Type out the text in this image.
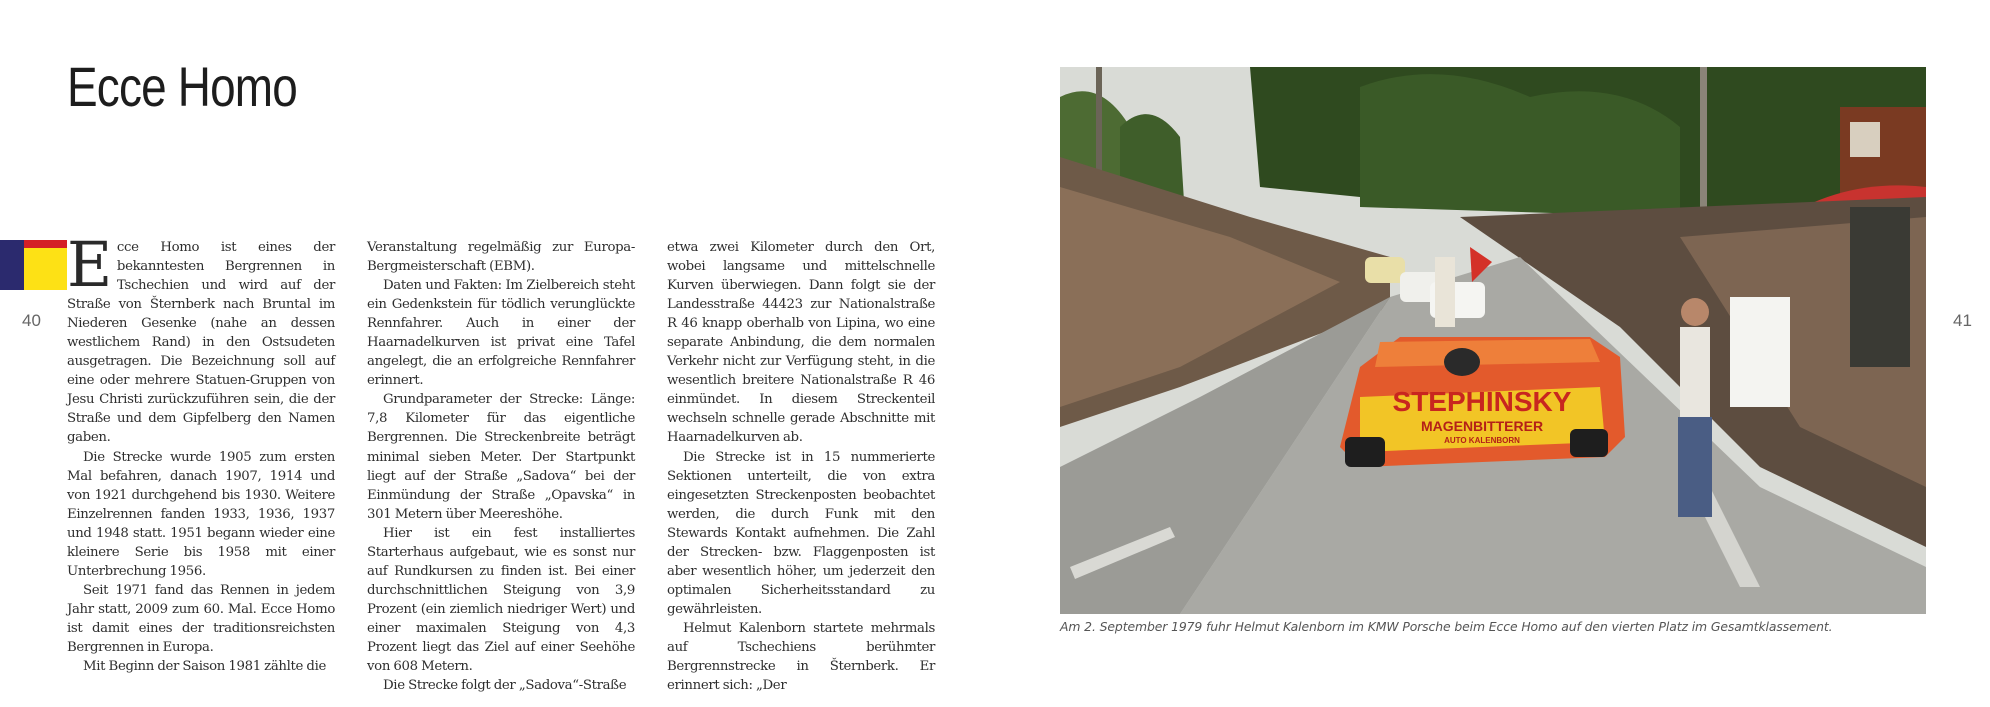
Ecce Homo
40	41

Ecce Homo ist eines der bekanntesten Bergrennen in Tschechien und wird auf der Straße von Šternberk nach Bruntal im Niederen Gesenke (nahe an dessen westlichem Rand) in den Ostsudeten ausgetragen. Die Bezeichnung soll auf eine oder mehrere Statuen-Gruppen von Jesu Christi zurückzuführen sein, die der Straße und dem Gipfelberg den Namen gaben.

Die Strecke wurde 1905 zum ersten Mal befahren, danach 1907, 1914 und von 1921 durchgehend bis 1930. Weitere Einzelrennen fanden 1933, 1936, 1937 und 1948 statt. 1951 begann wieder eine kleinere Serie bis 1958 mit einer Unterbrechung 1956.

Seit 1971 fand das Rennen in jedem Jahr statt, 2009 zum 60. Mal. Ecce Homo ist damit eines der traditionsreichsten Bergrennen in Europa.

Mit Beginn der Saison 1981 zählte die

Veranstaltung regelmäßig zur Europa-Bergmeisterschaft (EBM).

Daten und Fakten: Im Zielbereich steht ein Gedenkstein für tödlich verunglückte Rennfahrer. Auch in einer der Haarnadelkurven ist privat eine Tafel angelegt, die an erfolgreiche Rennfahrer erinnert.

Grundparameter der Strecke: Länge: 7,8 Kilometer für das eigentliche Bergrennen. Die Streckenbreite beträgt minimal sieben Meter. Der Startpunkt liegt auf der Straße „Sadova“ bei der Einmündung der Straße „Opavska“ in 301 Metern über Meereshöhe.

Hier ist ein fest installiertes Starterhaus aufgebaut, wie es sonst nur auf Rundkursen zu finden ist. Bei einer durchschnittlichen Steigung von 3,9 Prozent (ein ziemlich niedriger Wert) und einer maximalen Steigung von 4,3 Prozent liegt das Ziel auf einer Seehöhe von 608 Metern.

Die Strecke folgt der „Sadova“-Straße

etwa zwei Kilometer durch den Ort, wobei langsame und mittelschnelle Kurven überwiegen. Dann folgt sie der Landesstraße 44423 zur Nationalstraße R 46 knapp oberhalb von Lipina, wo eine separate Anbindung, die dem normalen Verkehr nicht zur Verfügung steht, in die wesentlich breitere Nationalstraße R 46 einmündet. In diesem Streckenteil wechseln schnelle gerade Abschnitte mit Haarnadelkurven ab.

Die Strecke ist in 15 nummerierte Sektionen unterteilt, die von extra eingesetzten Streckenposten beobachtet werden, die durch Funk mit den Stewards Kontakt aufnehmen. Die Zahl der Strecken- bzw. Flaggenposten ist aber wesentlich höher, um jederzeit den optimalen Sicherheitsstandard zu gewährleisten.

Helmut Kalenborn startete mehrmals auf Tschechiens berühmter Bergrennstrecke in Šternberk. Er erinnert sich: „Der

STEPHINSKY
MAGENBITTERER
AUTO KALENBORN
Am 2. September 1979 fuhr Helmut Kalenborn im KMW Porsche beim Ecce Homo auf den vierten Platz im Gesamtklassement.
